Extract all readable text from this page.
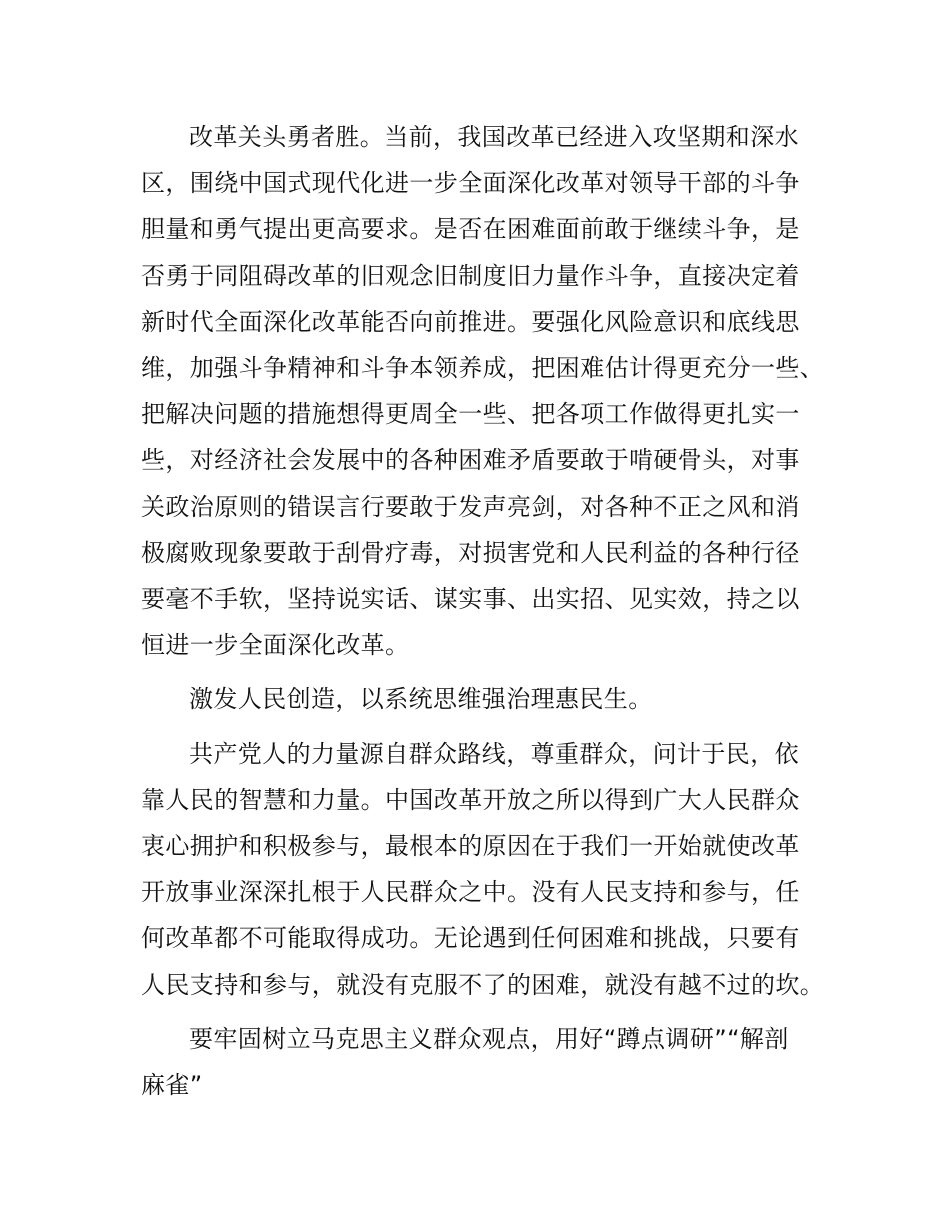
改革关头勇者胜。当前，我国改革已经进入攻坚期和深水
区，围绕中国式现代化进一步全面深化改革对领导干部的斗争
胆量和勇气提出更高要求。是否在困难面前敢于继续斗争，是
否勇于同阻碍改革的旧观念旧制度旧力量作斗争，直接决定着
新时代全面深化改革能否向前推进。要强化风险意识和底线思
维，加强斗争精神和斗争本领养成，把困难估计得更充分一些、
把解决问题的措施想得更周全一些、把各项工作做得更扎实一
些，对经济社会发展中的各种困难矛盾要敢于啃硬骨头，对事
关政治原则的错误言行要敢于发声亮剑，对各种不正之风和消
极腐败现象要敢于刮骨疗毒，对损害党和人民利益的各种行径
要毫不手软，坚持说实话、谋实事、出实招、见实效，持之以
恒进一步全面深化改革。
激发人民创造，以系统思维强治理惠民生。
共产党人的力量源自群众路线，尊重群众，问计于民，依
靠人民的智慧和力量。中国改革开放之所以得到广大人民群众
衷心拥护和积极参与，最根本的原因在于我们一开始就使改革
开放事业深深扎根于人民群众之中。没有人民支持和参与，任
何改革都不可能取得成功。无论遇到任何困难和挑战，只要有
人民支持和参与，就没有克服不了的困难，就没有越不过的坎。
要牢固树立马克思主义群众观点，用好“蹲点调研”“解剖
麻雀”
